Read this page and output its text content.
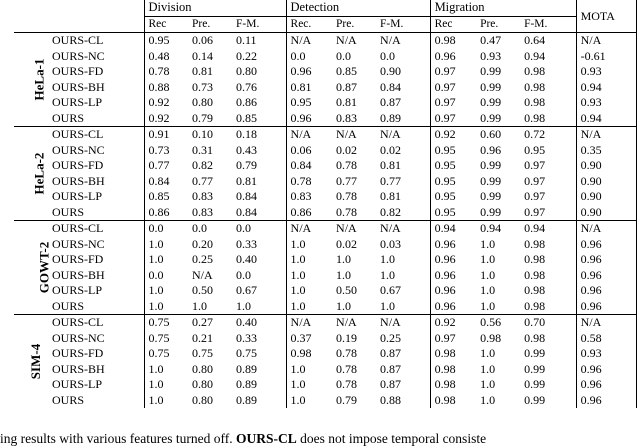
		Division			Detection			Migration			MOTA
		Rec	Pre.	F-M.	Rec.	Pre.	F-M.	Rec	Pre.	F-M.	
HeLa-1	OURS-CL	0.95	0.06	0.11	N/A	N/A	N/A	0.98	0.47	0.64	N/A
	OURS-NC	0.48	0.14	0.22	0.0	0.0	0.0	0.96	0.93	0.94	-0.61
	OURS-FD	0.78	0.81	0.80	0.96	0.85	0.90	0.97	0.99	0.98	0.93
	OURS-BH	0.88	0.73	0.76	0.81	0.87	0.84	0.97	0.99	0.98	0.94
	OURS-LP	0.92	0.80	0.86	0.95	0.81	0.87	0.97	0.99	0.98	0.93
	OURS	0.92	0.79	0.85	0.96	0.83	0.89	0.97	0.99	0.98	0.94
HeLa-2	OURS-CL	0.91	0.10	0.18	N/A	N/A	N/A	0.92	0.60	0.72	N/A
	OURS-NC	0.73	0.31	0.43	0.06	0.02	0.02	0.95	0.96	0.95	0.35
	OURS-FD	0.77	0.82	0.79	0.84	0.78	0.81	0.95	0.99	0.97	0.90
	OURS-BH	0.84	0.77	0.81	0.78	0.77	0.77	0.95	0.99	0.97	0.90
	OURS-LP	0.85	0.83	0.84	0.83	0.78	0.81	0.95	0.99	0.97	0.90
	OURS	0.86	0.83	0.84	0.86	0.78	0.82	0.95	0.99	0.97	0.90
GOWT-2	OURS-CL	0.0	0.0	0.0	N/A	N/A	N/A	0.94	0.94	0.94	N/A
	OURS-NC	1.0	0.20	0.33	1.0	0.02	0.03	0.96	1.0	0.98	0.96
	OURS-FD	1.0	0.25	0.40	1.0	1.0	1.0	0.96	1.0	0.98	0.96
	OURS-BH	0.0	N/A	0.0	1.0	1.0	1.0	0.96	1.0	0.98	0.96
	OURS-LP	1.0	0.50	0.67	1.0	0.50	0.67	0.96	1.0	0.98	0.96
	OURS	1.0	1.0	1.0	1.0	1.0	1.0	0.96	1.0	0.98	0.96
SIM-4	OURS-CL	0.75	0.27	0.40	N/A	N/A	N/A	0.92	0.56	0.70	N/A
	OURS-NC	0.75	0.21	0.33	0.37	0.19	0.25	0.97	0.98	0.98	0.58
	OURS-FD	0.75	0.75	0.75	0.98	0.78	0.87	0.98	1.0	0.99	0.93
	OURS-BH	1.0	0.80	0.89	1.0	0.78	0.87	0.98	1.0	0.99	0.96
	OURS-LP	1.0	0.80	0.89	1.0	0.78	0.87	0.98	1.0	0.99	0.96
	OURS	1.0	0.80	0.89	1.0	0.79	0.88	0.98	1.0	0.99	0.96
ing results with various features turned off. OURS-CL does not impose temporal consiste
